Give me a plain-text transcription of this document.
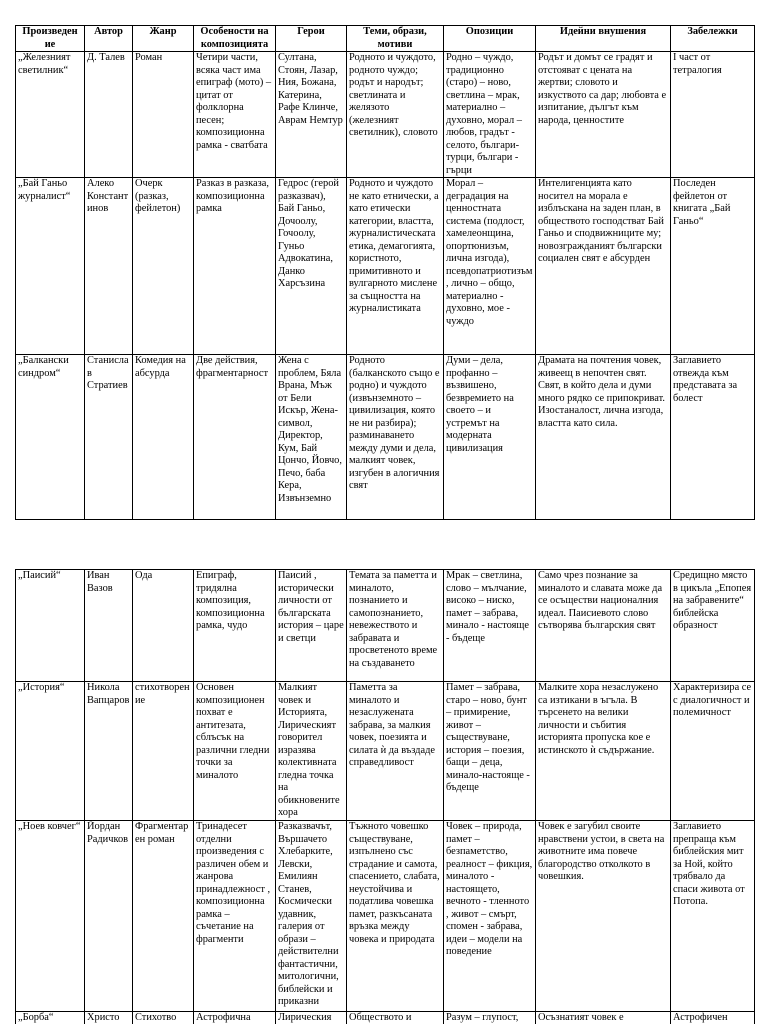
Произведен ие	Автор	Жанр	Особености на композицията	Герои	Теми, образи, мотиви	Опозиции	Идейни внушения	Забележки
„Железният светилник“	Д. Талев	Роман	Четири части, всяка част има епиграф (мото) – цитат от фолклорна песен; композиционна рамка - сватбата	Султана, Стоян, Лазар, Ния, Божана, Катерина, Рафе Клинче, Аврам Немтур	Родното и чуждото, родното чуждо; родът и народът; светлината и желязото (железният светилник), словото	Родно – чуждо, традиционно (старо) – ново, светлина – мрак, материално – духовно, морал – любов, градът - селото, българи-турци, българи - гърци	Родът и домът се градят и отстояват с цената на жертви; словото и изкуството са дар; любовта е изпитание, дългът към народа, ценностите	I част от тетралогия
„Бай Ганьо журналист“	Алеко Константинов	Очерк (разказ, фейлетон)	Разказ в разказа, композиционна рамка	Гедрос (герой разказвач), Бай Ганьо, Дочоолу, Гочоолу, Гуньо Адвокатина, Данко Харсъзина	Родното и чуждото не като етнически, а като етически категории, властта, журналистическата етика, демагогията, користното, примитивното и вулгарното мислене за същността на журналистиката	Морал – деградация на ценностната система (подлост, хамелеонщина, опортюнизъм, лична изгода), псевдопатриотизъм, лично – общо, материално - духовно, мое - чуждо	Интелигенцията като носител на морала е изблъскана на заден план, в обществото господстват Бай Ганьо и сподвижниците му; новозгражданият български социален свят е абсурден	Последен фейлетон от книгата „Бай Ганьо“
„Балкански синдром“	Станислав Стратиев	Комедия на абсурда	Две действия, фрагментарност	Жена с проблем, Бяла Врана, Мъж от Бели Искър, Жена-символ, Директор, Кум, Бай Цончо, Йовчо, Печо, баба Кера, Извънземно	Родното (балканското също е родно) и чуждото (извънземното – цивилизация, която не ни разбира); разминаването между думи и дела, малкият човек, изгубен в алогичния свят	Думи – дела, профанно – възвишено, безвремието на своето – и устремът на модерната цивилизация	Драмата на почтения човек, живеещ в непочтен свят. Свят, в който дела и думи много рядко се припокриват. Изостаналост, лична изгода, властта като сила.	Заглавието отвежда към представата за болест
„Паисий“	Иван Вазов	Ода	Епиграф, тридялна композиция, композиционна рамка, чудо	Паисий , исторически личности от българската история – царе и светци	Темата за паметта и миналото, познанието и самопознанието, невежеството и забравата и просветеното време на създаването	Мрак – светлина, слово – мълчание, високо – ниско, памет – забрава, минало - настояще - бъдеще	Само чрез познание за миналото и славата може да се осъществи националния идеал. Паисиевото слово сътворява българския свят	Средищно място в цикъла „Епопея на забравените“ библейска образност
„История“	Никола Вапцаров	стихотворение	Основен композиционен похват е антитезата, сблъсък на различни гледни точки за миналото	Малкият човек и Историята, Лирическият говорител изразява колективната гледна точка на обикновените хора	Паметта за миналото и незаслужената забрава, за малкия човек, поезията и силата ѝ да въздаде справедливост	Памет – забрава, старо – ново, бунт – примирение, живот – съществуване, история – поезия, бащи – деца, минало-настояще - бъдеще	Малките хора незаслужено са изтикани в ъгъла. В търсенето на велики личности и събития историята пропуска кое е истинското ѝ съдържание.	Характеризира се с диалогичност и полемичност
„Ноев ковчег“	Йордан Радичков	Фрагментарен роман	Тринадесет отделни произведения с различен обем и жанрова принадлежност , композиционна рамка – съчетание на фрагменти	Разказвачът, Вършачето Хлебарките, Левски, Емилиян Станев, Космически удавник, галерия от образи – действителни фантастични, митологични, библейски и приказни	Тъжното човешко съществуване, изпълнено със страдание и самота, спасението, слабата, неустойчива и податлива човешка памет, разкъсаната връзка между човека и природата	Човек – природа, памет – безпаметство, реалност – фикция, миналото - настоящето, вечното - тленното , живот – смърт, спомен - забрава, идеи – модели на поведение	Човек е загубил своите нравствени устои, в света на животните има повече благородство отколкото в човешкия.	Заглавието препраща към библейския мит за Ной, който трябвало да спаси живота от Потопа.
„Борба“	Христо	Стихотво	Астрофична	Лирическия	Обществото и	Разум – глупост,	Осъзнатият човек е	Астрофичен
